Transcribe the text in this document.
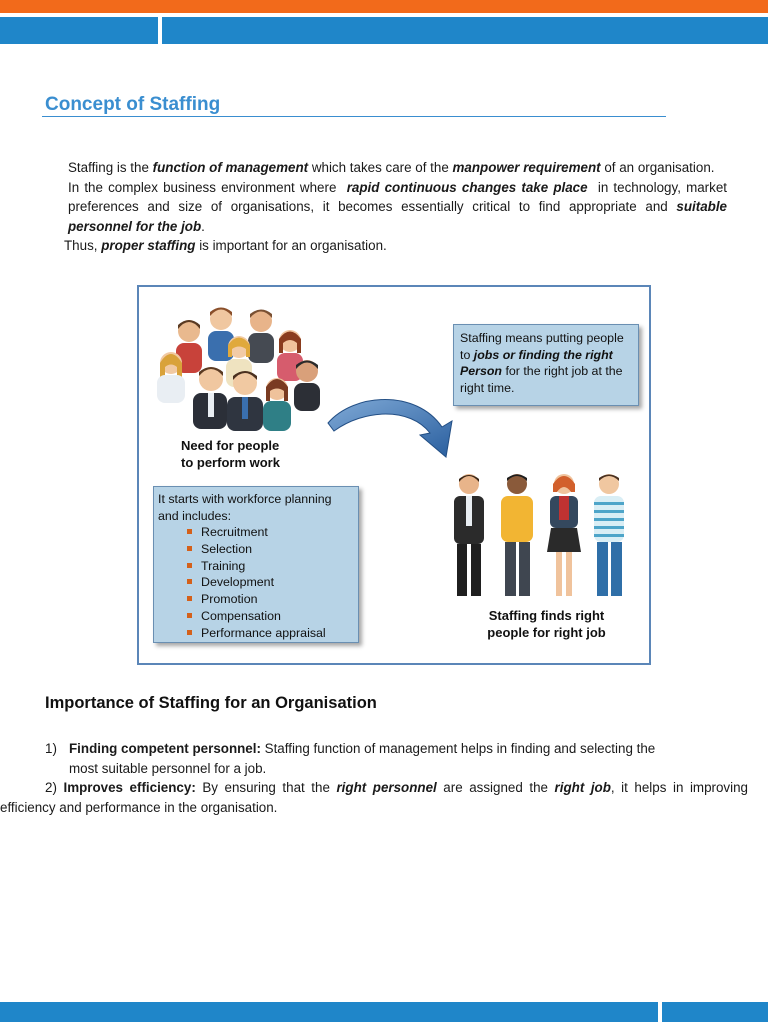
Concept of Staffing
Staffing is the function of management which takes care of the manpower requirement of an organisation.
In the complex business environment where  rapid continuous changes take place  in technology, market preferences and size of organisations, it becomes essentially critical to find appropriate and suitable personnel for the job.
Thus, proper staffing is important for an organisation.
Need for people
to perform work
Staffing means putting people to jobs or finding the right Person for the right job at the right time.
It starts with workforce planning and includes:
Recruitment
Selection
Training
Development
Promotion
Compensation
Performance appraisal
Staffing finds right
people for right job
Importance of Staffing for an Organisation
1) Finding competent personnel: Staffing function of management helps in finding and selecting the
most suitable personnel for a job.
2) Improves efficiency: By ensuring that the right personnel are assigned the right job, it helps in improving efficiency and performance in the organisation.
